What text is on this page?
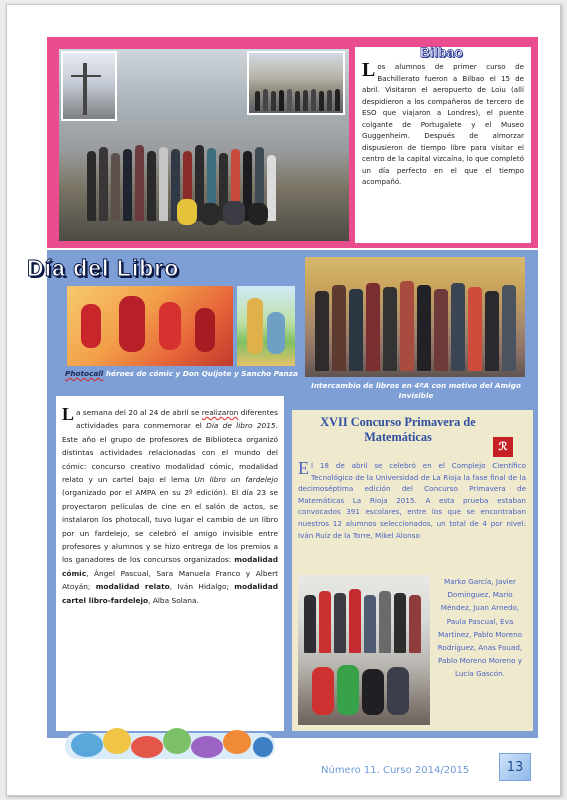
Los alumnos de primer curso de Bachillerato fueron a Bilbao el 15 de abril. Visitaron el aeropuerto de Loiu (allí despidieron a los compañeros de tercero de ESO que viajaron a Londres), el puente colgante de Portugalete y el Museo Guggenheim. Después de almorzar dispusieron de tiempo libre para visitar el centro de la capital vizcaína, lo que completó un día perfecto en el que el tiempo acompañó.
Bilbao
Día del Libro
Photocall héroes de cómic y Don Quijote y Sancho Panza
Intercambio de libros en 4ºA con motivo del Amigo Invisible
La semana del 20 al 24 de abril se realizaron diferentes actividades para conmemorar el Día de libro 2015. Este año el grupo de profesores de Biblioteca organizó distintas actividades relacionadas con el mundo del cómic: concurso creativo modalidad cómic, modalidad relato y un cartel bajo el lema Un libro un fardelejo (organizado por el AMPA en su 2º edición). El día 23 se proyectaron películas de cine en el salón de actos, se instalaron los photocall, tuvo lugar el cambio de un libro por un fardelejo, se celebró el amigo invisible entre profesores y alumnos y se hizo entrega de los premios a los ganadores de los concursos organizados: modalidad cómic, Ángel Pascual, Sara Manuela Franco y Albert Atoyán; modalidad relato, Iván Hidalgo; modalidad cartel libro-fardelejo, Alba Solana.
XVII Concurso Primavera de Matemáticas
ℛ
El 18 de abril se celebró en el Complejo Científico Tecnológico de la Universidad de La Rioja la fase final de la decimoséptima edición del Concurso Primavera de Matemáticas La Rioja 2015. A esta prueba estaban convocados 391 escolares, entre los que se encontraban nuestros 12 alumnos seleccionados, un total de 4 por nivel: Iván Ruiz de la Torre, Mikel Alonso
Marko García, Javier Domínguez, Mario Méndez, Juan Arnedo, Paula Pascual, Eva Martínez, Pablo Moreno Rodríguez, Anas Fouad, Pablo Moreno Moreno y Lucía Gascón.
Número 11. Curso 2014/2015	13
